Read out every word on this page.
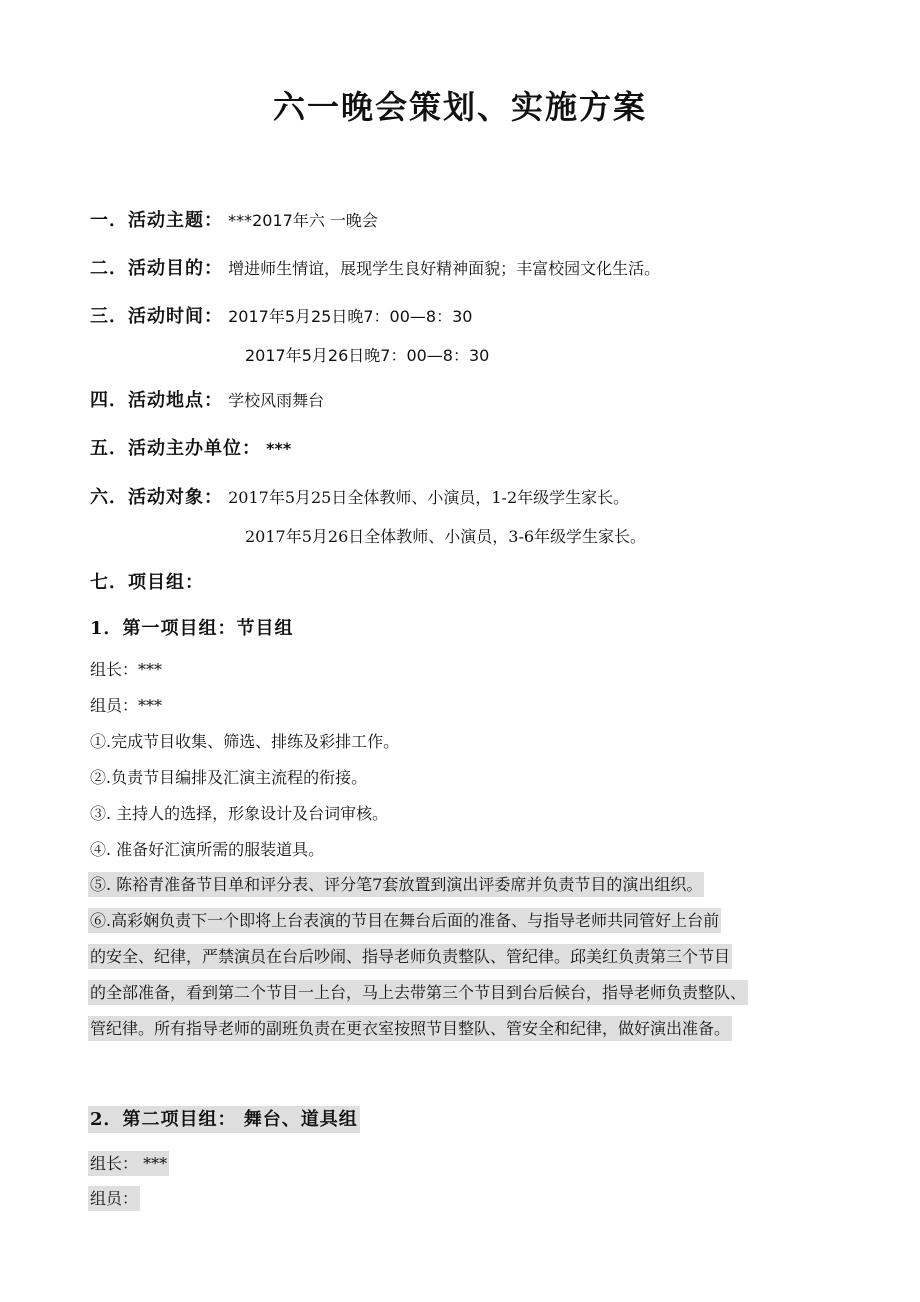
六一晚会策划、实施方案
一．活动主题： ***2017年六 一晚会
二．活动目的： 增进师生情谊，展现学生良好精神面貌；丰富校园文化生活。
三．活动时间： 2017年5月25日晚7：00—8：30
2017年5月26日晚7：00—8：30
四．活动地点： 学校风雨舞台
五．活动主办单位： ***
六．活动对象： 2017年5月25日全体教师、小演员，1-2年级学生家长。
2017年5月26日全体教师、小演员，3-6年级学生家长。
七．项目组：
1．第一项目组：节目组
组长：***
组员：***
①.完成节目收集、筛选、排练及彩排工作。
②.负责节目编排及汇演主流程的衔接。
③. 主持人的选择，形象设计及台词审核。
④. 准备好汇演所需的服装道具。
⑤. 陈裕青准备节目单和评分表、评分笔7套放置到演出评委席并负责节目的演出组织。
⑥.高彩娴负责下一个即将上台表演的节目在舞台后面的准备、与指导老师共同管好上台前
的安全、纪律，严禁演员在台后吵闹、指导老师负责整队、管纪律。邱美红负责第三个节目
的全部准备，看到第二个节目一上台，马上去带第三个节目到台后候台，指导老师负责整队、
管纪律。所有指导老师的副班负责在更衣室按照节目整队、管安全和纪律，做好演出准备。
2．第二项目组： 舞台、道具组
组长： ***
组员：
